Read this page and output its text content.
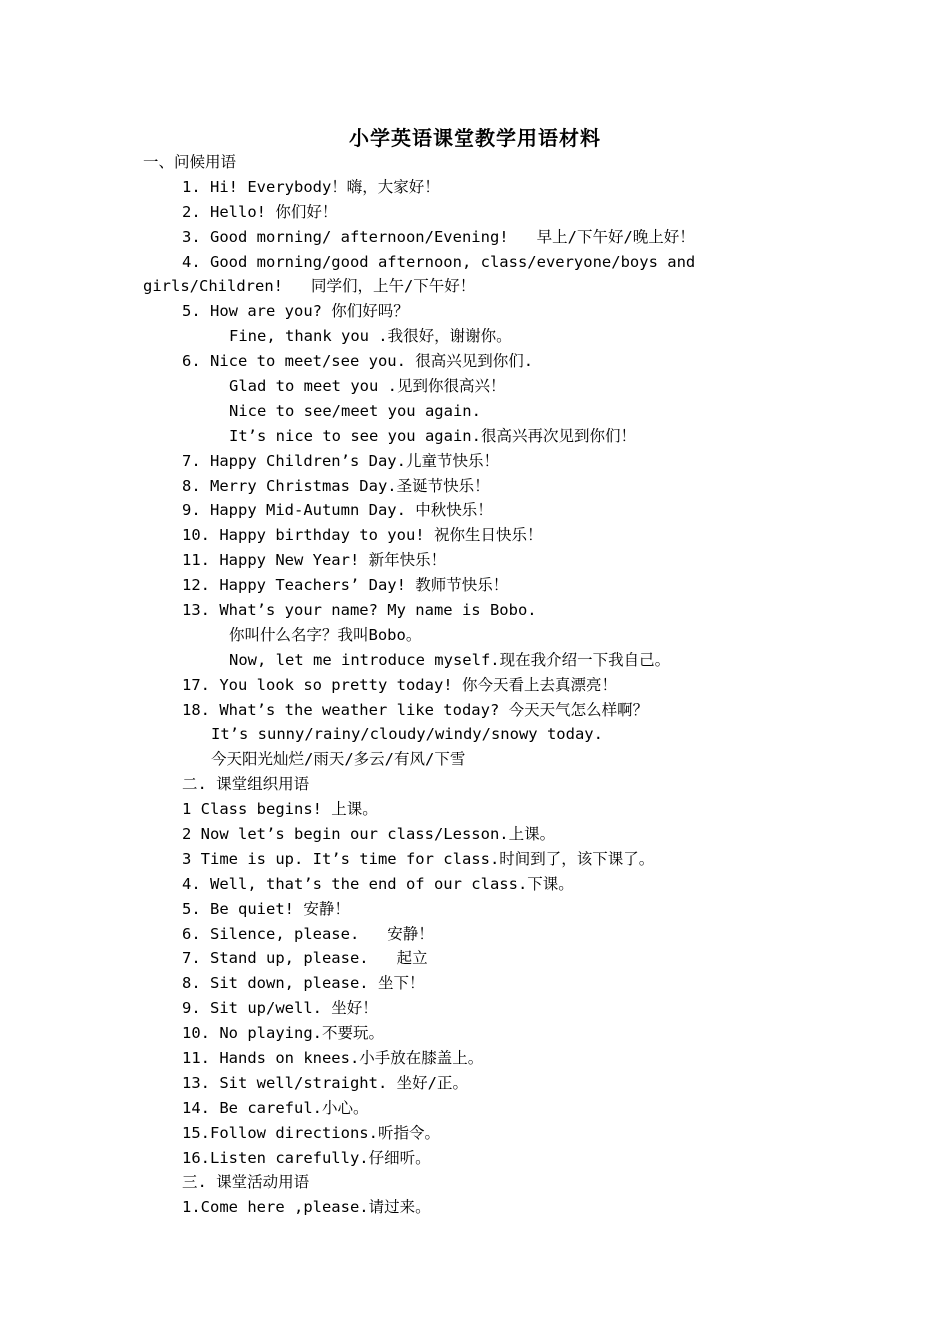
小学英语课堂教学用语材料
一、问候用语
1. Hi! Everybody！嗨，大家好！
2. Hello! 你们好！
3. Good morning/ afternoon/Evening!   早上/下午好/晚上好！
4. Good morning/good afternoon, class/everyone/boys and
girls/Children!   同学们，上午/下午好！
5. How are you? 你们好吗？
Fine, thank you .我很好，谢谢你。
6. Nice to meet/see you. 很高兴见到你们.
Glad to meet you .见到你很高兴！
Nice to see/meet you again.
It’s nice to see you again.很高兴再次见到你们！
7. Happy Children’s Day.儿童节快乐！
8. Merry Christmas Day.圣诞节快乐！
9. Happy Mid-Autumn Day. 中秋快乐！
10. Happy birthday to you! 祝你生日快乐！
11. Happy New Year! 新年快乐！
12. Happy Teachers’ Day! 教师节快乐！
13. What’s your name? My name is Bobo.
你叫什么名字？我叫Bobo。
Now, let me introduce myself.现在我介绍一下我自己。
17. You look so pretty today! 你今天看上去真漂亮！
18. What’s the weather like today? 今天天气怎么样啊？
It’s sunny/rainy/cloudy/windy/snowy today.
今天阳光灿烂/雨天/多云/有风/下雪
二. 课堂组织用语
1 Class begins! 上课。
2 Now let’s begin our class/Lesson.上课。
3 Time is up. It’s time for class.时间到了，该下课了。
4. Well, that’s the end of our class.下课。
5. Be quiet! 安静！
6. Silence, please.   安静！
7. Stand up, please.   起立
8. Sit down, please. 坐下！
9. Sit up/well. 坐好！
10. No playing.不要玩。
11. Hands on knees.小手放在膝盖上。
13. Sit well/straight. 坐好/正。
14. Be careful.小心。
15.Follow directions.听指令。
16.Listen carefully.仔细听。
三. 课堂活动用语
1.Come here ,please.请过来。
